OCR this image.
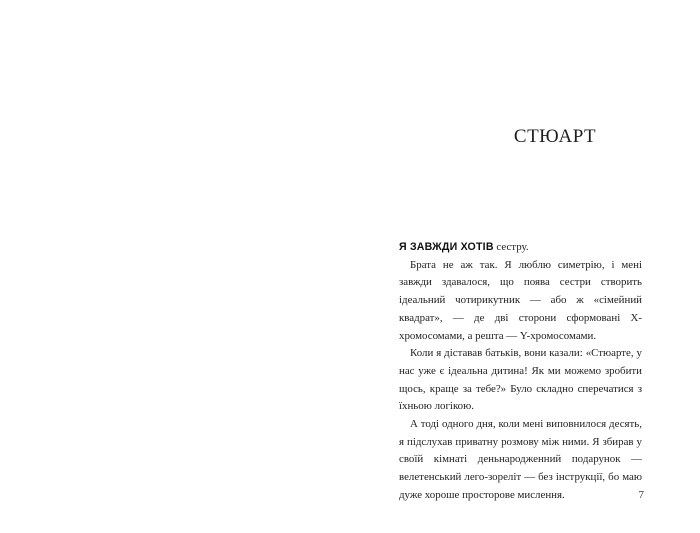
СТЮАРТ

Я ЗАВЖДИ ХОТІВ сестру.

Брата не аж так. Я люблю симетрію, і мені завжди здавалося, що поява сестри створить ідеальний чотирикутник — або ж «сімейний квадрат», — де дві сторони сформовані Х-хромосомами, а решта — Y-хромосомами.

Коли я діставав батьків, вони казали: «Стюарте, у нас уже є ідеальна дитина! Як ми можемо зробити щось, краще за тебе?» Було складно сперечатися з їхньою логікою.

А тоді одного дня, коли мені виповнилося десять, я підслухав приватну розмову між ними. Я збирав у своїй кімнаті деньнародженний подарунок — велетенський лего-зореліт — без інструкції, бо маю дуже хороше просторове мислення.	7
